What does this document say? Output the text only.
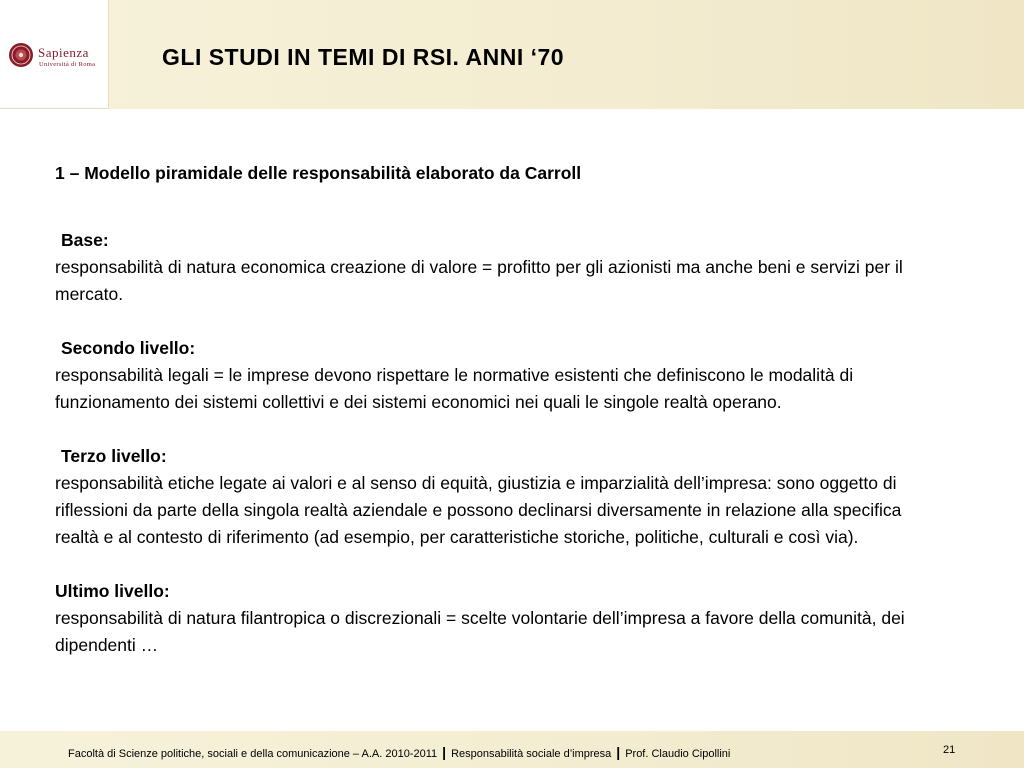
Sapienza
Università di Roma	GLI STUDI IN TEMI DI RSI. ANNI ‘70

1 – Modello piramidale delle responsabilità elaborato da Carroll

Base:

responsabilità di natura economica creazione di valore = profitto per gli azionisti ma anche beni e servizi per il mercato.

Secondo livello:

responsabilità legali = le imprese devono rispettare le normative esistenti che definiscono le modalità di funzionamento dei sistemi collettivi e dei sistemi economici nei quali le singole realtà operano.

Terzo livello:

responsabilità etiche legate ai valori e al senso di equità, giustizia e imparzialità dell’impresa: sono oggetto di riflessioni da parte della singola realtà aziendale e possono declinarsi diversamente in relazione alla specifica realtà e al contesto di riferimento (ad esempio, per caratteristiche storiche, politiche, culturali e così via).

Ultimo livello:

responsabilità di natura filantropica o discrezionali = scelte volontarie dell’impresa a favore della comunità, dei dipendenti …

Facoltà di Scienze politiche, sociali e della comunicazione – A.A. 2010-2011 | Responsabilità sociale d’impresa | Prof. Claudio Cipollini	21
